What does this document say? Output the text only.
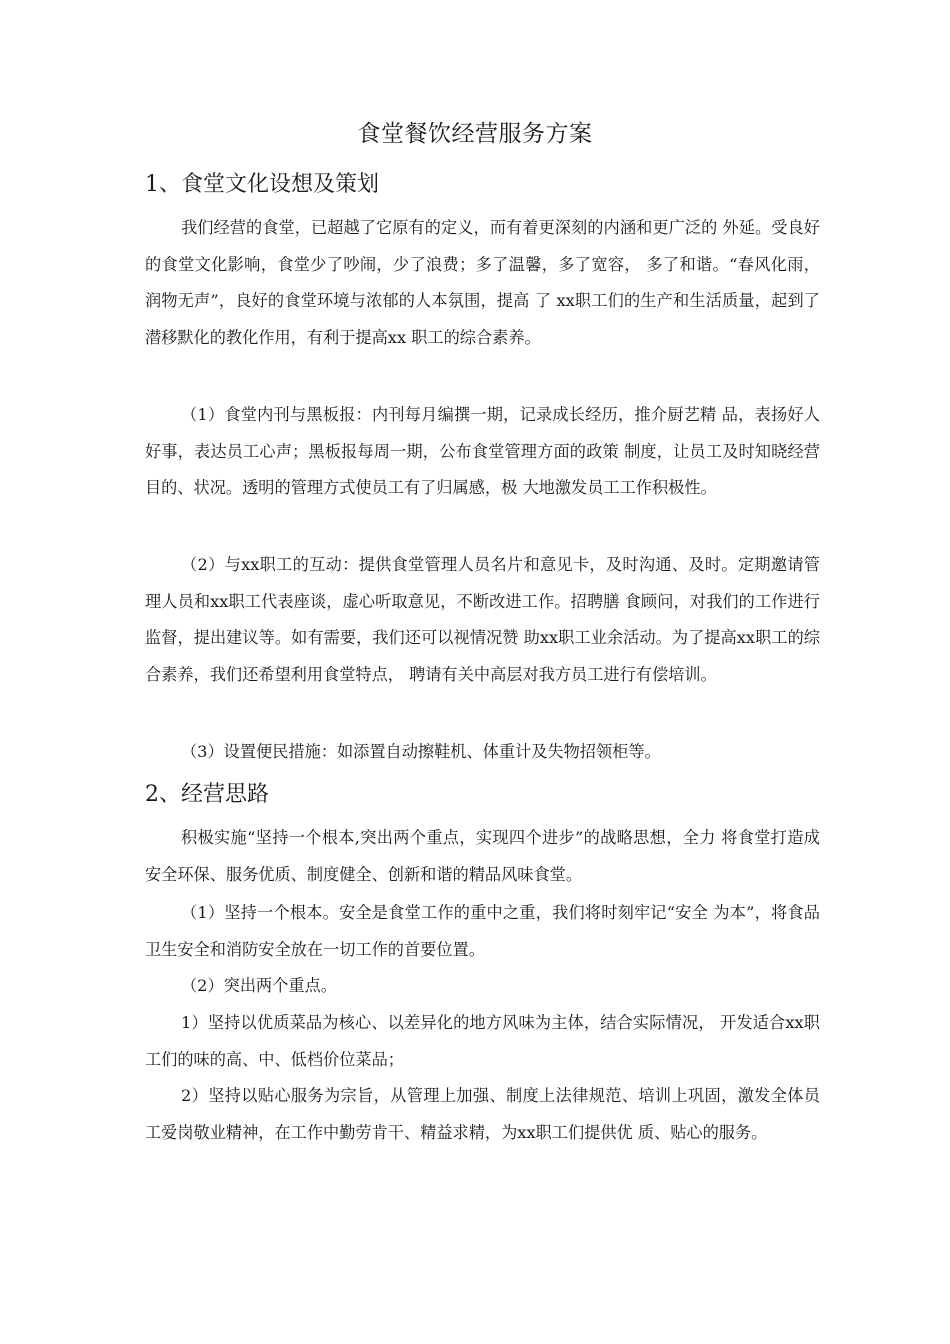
食堂餐饮经营服务方案
1、食堂文化设想及策划

我们经营的食堂，已超越了它原有的定义，而有着更深刻的内涵和更广泛的 外延。受良好的食堂文化影响，食堂少了吵闹，少了浪费；多了温馨，多了宽容， 多了和谐。“春风化雨，润物无声”，良好的食堂环境与浓郁的人本氛围，提高 了 xx职工们的生产和生活质量，起到了潜移默化的教化作用，有利于提高xx 职工的综合素养。

（1）食堂内刊与黑板报：内刊每月编撰一期，记录成长经历，推介厨艺精 品，表扬好人好事，表达员工心声；黑板报每周一期，公布食堂管理方面的政策 制度，让员工及时知晓经营目的、状况。透明的管理方式使员工有了归属感，极 大地激发员工工作积极性。

（2）与xx职工的互动：提供食堂管理人员名片和意见卡，及时沟通、及时。定期邀请管理人员和xx职工代表座谈，虚心听取意见，不断改进工作。招聘膳 食顾问，对我们的工作进行监督，提出建议等。如有需要，我们还可以视情况赞 助xx职工业余活动。为了提高xx职工的综合素养，我们还希望利用食堂特点， 聘请有关中高层对我方员工进行有偿培训。

（3）设置便民措施：如添置自动擦鞋机、体重计及失物招领柜等。

2、经营思路

积极实施“坚持一个根本,突出两个重点，实现四个进步”的战略思想，全力 将食堂打造成安全环保、服务优质、制度健全、创新和谐的精品风味食堂。

（1）坚持一个根本。安全是食堂工作的重中之重，我们将时刻牢记“安全 为本”，将食品卫生安全和消防安全放在一切工作的首要位置。

（2）突出两个重点。

1）坚持以优质菜品为核心、以差异化的地方风味为主体，结合实际情况， 开发适合xx职工们的味的高、中、低档价位菜品；

2）坚持以贴心服务为宗旨，从管理上加强、制度上法律规范、培训上巩固，激发全体员工爱岗敬业精神，在工作中勤劳肯干、精益求精，为xx职工们提供优 质、贴心的服务。
